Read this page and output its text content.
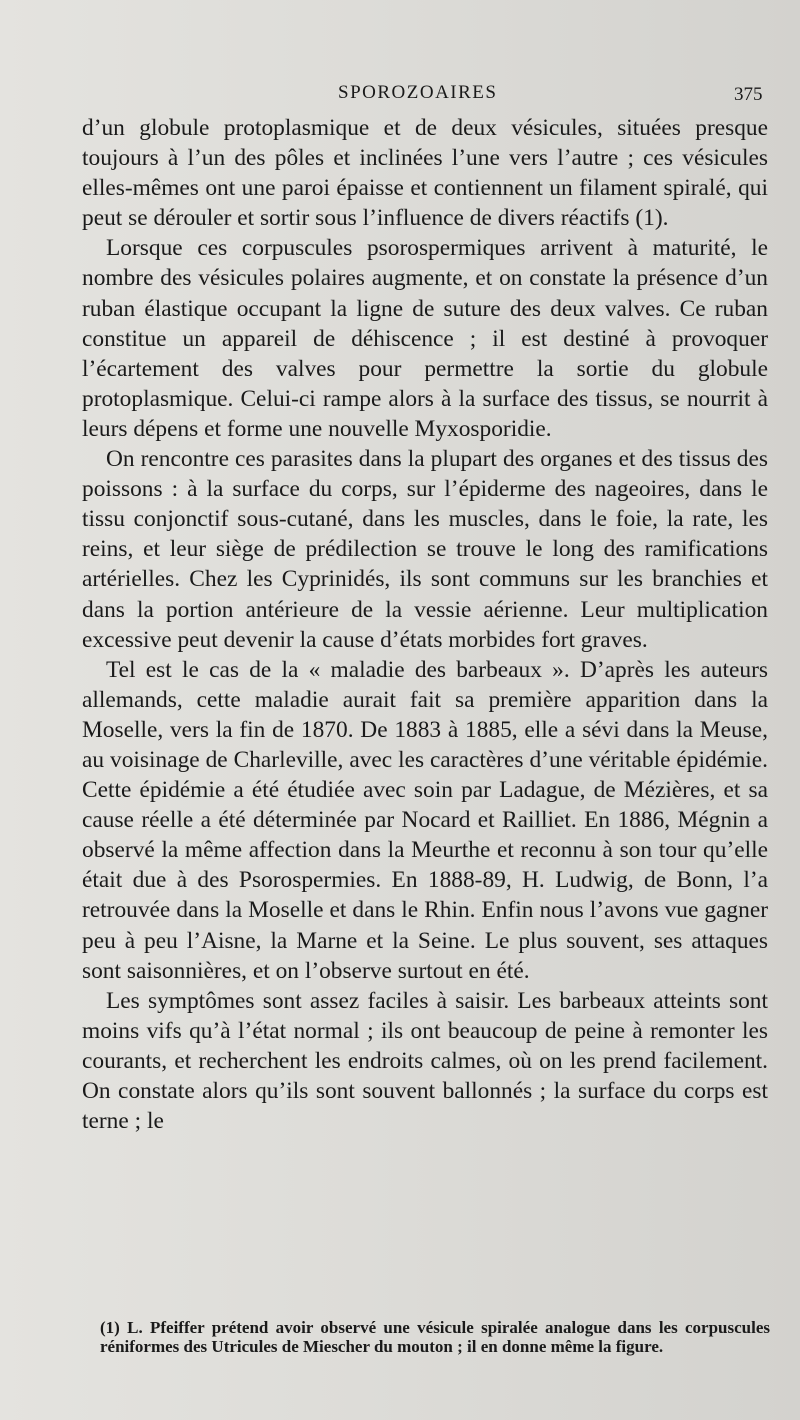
SPOROZOAIRES	375

d’un globule protoplasmique et de deux vésicules, situées presque toujours à l’un des pôles et inclinées l’une vers l’autre ; ces vésicules elles-mêmes ont une paroi épaisse et contiennent un filament spiralé, qui peut se dérouler et sortir sous l’influence de divers réactifs (1).

Lorsque ces corpuscules psorospermiques arrivent à maturité, le nombre des vésicules polaires augmente, et on constate la présence d’un ruban élastique occupant la ligne de suture des deux valves. Ce ruban constitue un appareil de déhiscence ; il est destiné à provoquer l’écartement des valves pour permettre la sortie du globule protoplasmique. Celui-ci rampe alors à la surface des tissus, se nourrit à leurs dépens et forme une nouvelle Myxosporidie.

On rencontre ces parasites dans la plupart des organes et des tissus des poissons : à la surface du corps, sur l’épiderme des nageoires, dans le tissu conjonctif sous-cutané, dans les muscles, dans le foie, la rate, les reins, et leur siège de prédilection se trouve le long des ramifications artérielles. Chez les Cyprinidés, ils sont communs sur les branchies et dans la portion antérieure de la vessie aérienne. Leur multiplication excessive peut devenir la cause d’états morbides fort graves.

Tel est le cas de la « maladie des barbeaux ». D’après les auteurs allemands, cette maladie aurait fait sa première apparition dans la Moselle, vers la fin de 1870. De 1883 à 1885, elle a sévi dans la Meuse, au voisinage de Charleville, avec les caractères d’une véritable épidémie. Cette épidémie a été étudiée avec soin par Ladague, de Mézières, et sa cause réelle a été déterminée par Nocard et Railliet. En 1886, Mégnin a observé la même affection dans la Meurthe et reconnu à son tour qu’elle était due à des Psorospermies. En 1888-89, H. Ludwig, de Bonn, l’a retrouvée dans la Moselle et dans le Rhin. Enfin nous l’avons vue gagner peu à peu l’Aisne, la Marne et la Seine. Le plus souvent, ses attaques sont saisonnières, et on l’observe surtout en été.

Les symptômes sont assez faciles à saisir. Les barbeaux atteints sont moins vifs qu’à l’état normal ; ils ont beaucoup de peine à remonter les courants, et recherchent les endroits calmes, où on les prend facilement. On constate alors qu’ils sont souvent ballonnés ; la surface du corps est terne ; le

(1) L. Pfeiffer prétend avoir observé une vésicule spiralée analogue dans les corpuscules réniformes des Utricules de Miescher du mouton ; il en donne même la figure.
